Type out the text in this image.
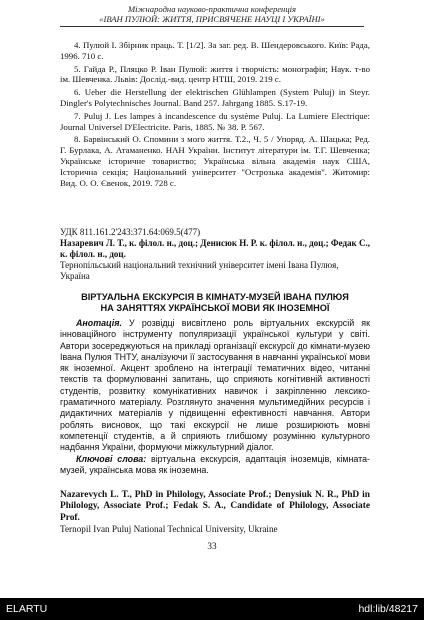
Міжнародна науково-практична конференція
«ІВАН ПУЛЮЙ: ЖИТТЯ, ПРИСВЯЧЕНЕ НАУЦІ І УКРАЇНІ»

4. Пулюй І. Збірник праць. Т. [1/2]. За заг. ред. В. Шендеровського. Київ: Рада, 1996. 710 с.

5. Гайда Р., Пляцко Р. Іван Пулюй: життя і творчість: монографія; Наук. т-во ім. Шевченка. Львів: Дослід.-вид. центр НТШ, 2019. 219 с.

6. Ueber die Herstellung der elektrischen Glühlampen (System Puluj) in Steyr. Dingler's Polytechnisches Journal. Band 257. Jahrgang 1885. S.17-19.

7. Puluj J. Les lampes à incandescence du système Puluj. La Lumiere Electrique: Journal Universel D'Electricite. Paris, 1885. № 38. P. 567.

8. Барвінський О. Спомини з мого життя. Т.2., Ч. 5 / Упоряд. А. Шацька; Ред. Г. Бурлака, А. Атаманенко. НАН України. Інститут літератури ім. Т.Г. Шевченка; Українське історичне товариство; Українська вільна академія наук США, Історична секція; Національний університет "Острозька академія". Житомир: Вид. О. О. Євенок, 2019. 728 с.

УДК 811.161.2'243:371.64:069.5(477)

Назаревич Л. Т., к. філол. н., доц.; Денисюк Н. Р. к. філол. н., доц.; Федак С., к. філол. н., доц.

Тернопільський національний технічний університет імені Івана Пулюя, Україна

ВІРТУАЛЬНА ЕКСКУРСІЯ В КІМНАТУ-МУЗЕЙ ІВАНА ПУЛЮЯ

НА ЗАНЯТТЯХ УКРАЇНСЬКОЇ МОВИ ЯК ІНОЗЕМНОЇ

Анотація. У розвідці висвітлено роль віртуальних екскурсій як інноваційного інструменту популяризації української культури у світі. Автори зосереджуються на прикладі організації екскурсії до кімнати-музею Івана Пулюя ТНТУ, аналізуючи її застосування в навчанні української мови як іноземної. Акцент зроблено на інтеграції тематичних відео, читанні текстів та формулюванні запитань, що сприяють когнітивній активності студентів, розвитку комунікативних навичок і закріпленню лексико-граматичного матеріалу. Розглянуто значення мультимедійних ресурсів і дидактичних матеріалів у підвищенні ефективності навчання. Автори роблять висновок, що такі екскурсії не лише розширюють мовні компетенції студентів, а й сприяють глибшому розумінню культурного надбання України, формуючи міжкультурний діалог.

Ключові слова: віртуальна екскурсія, адаптація іноземців, кімната-музей, українська мова як іноземна.

Nazarevych L. T., PhD in Philology, Associate Prof.; Denysiuk N. R., PhD in Philology, Associate Prof.; Fedak S. A., Candidate of Philology, Associate Prof.

Ternopil Ivan Puluj National Technical University, Ukraine

33
ELARTU	hdl:lib/48217
